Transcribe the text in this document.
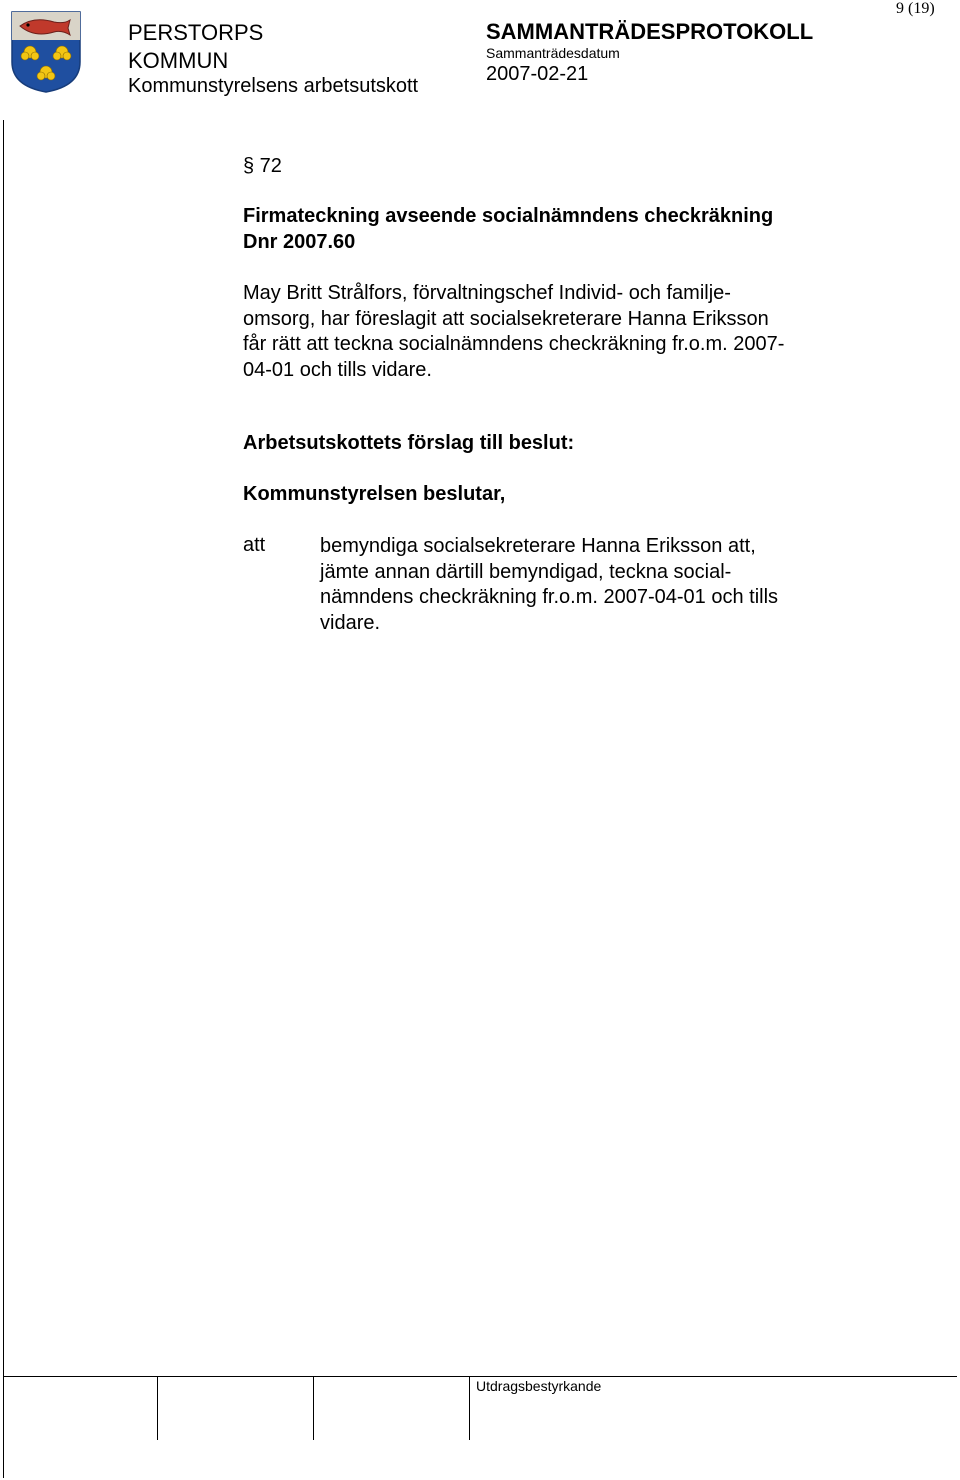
9 (19)
PERSTORPS
KOMMUN
Kommunstyrelsens arbetsutskott
SAMMANTRÄDESPROTOKOLL
Sammanträdesdatum
2007-02-21
§ 72
Firmateckning avseende socialnämndens checkräkning
Dnr 2007.60
May Britt Strålfors, förvaltningschef Individ- och familje-
omsorg, har föreslagit att socialsekreterare Hanna Eriksson
får rätt att teckna socialnämndens checkräkning fr.o.m. 2007-
04-01 och tills vidare.
Arbetsutskottets förslag till beslut:
Kommunstyrelsen beslutar,
att	bemyndiga socialsekreterare Hanna Eriksson att,
jämte annan därtill bemyndigad, teckna social-
nämndens checkräkning fr.o.m. 2007-04-01 och tills
vidare.
Utdragsbestyrkande
